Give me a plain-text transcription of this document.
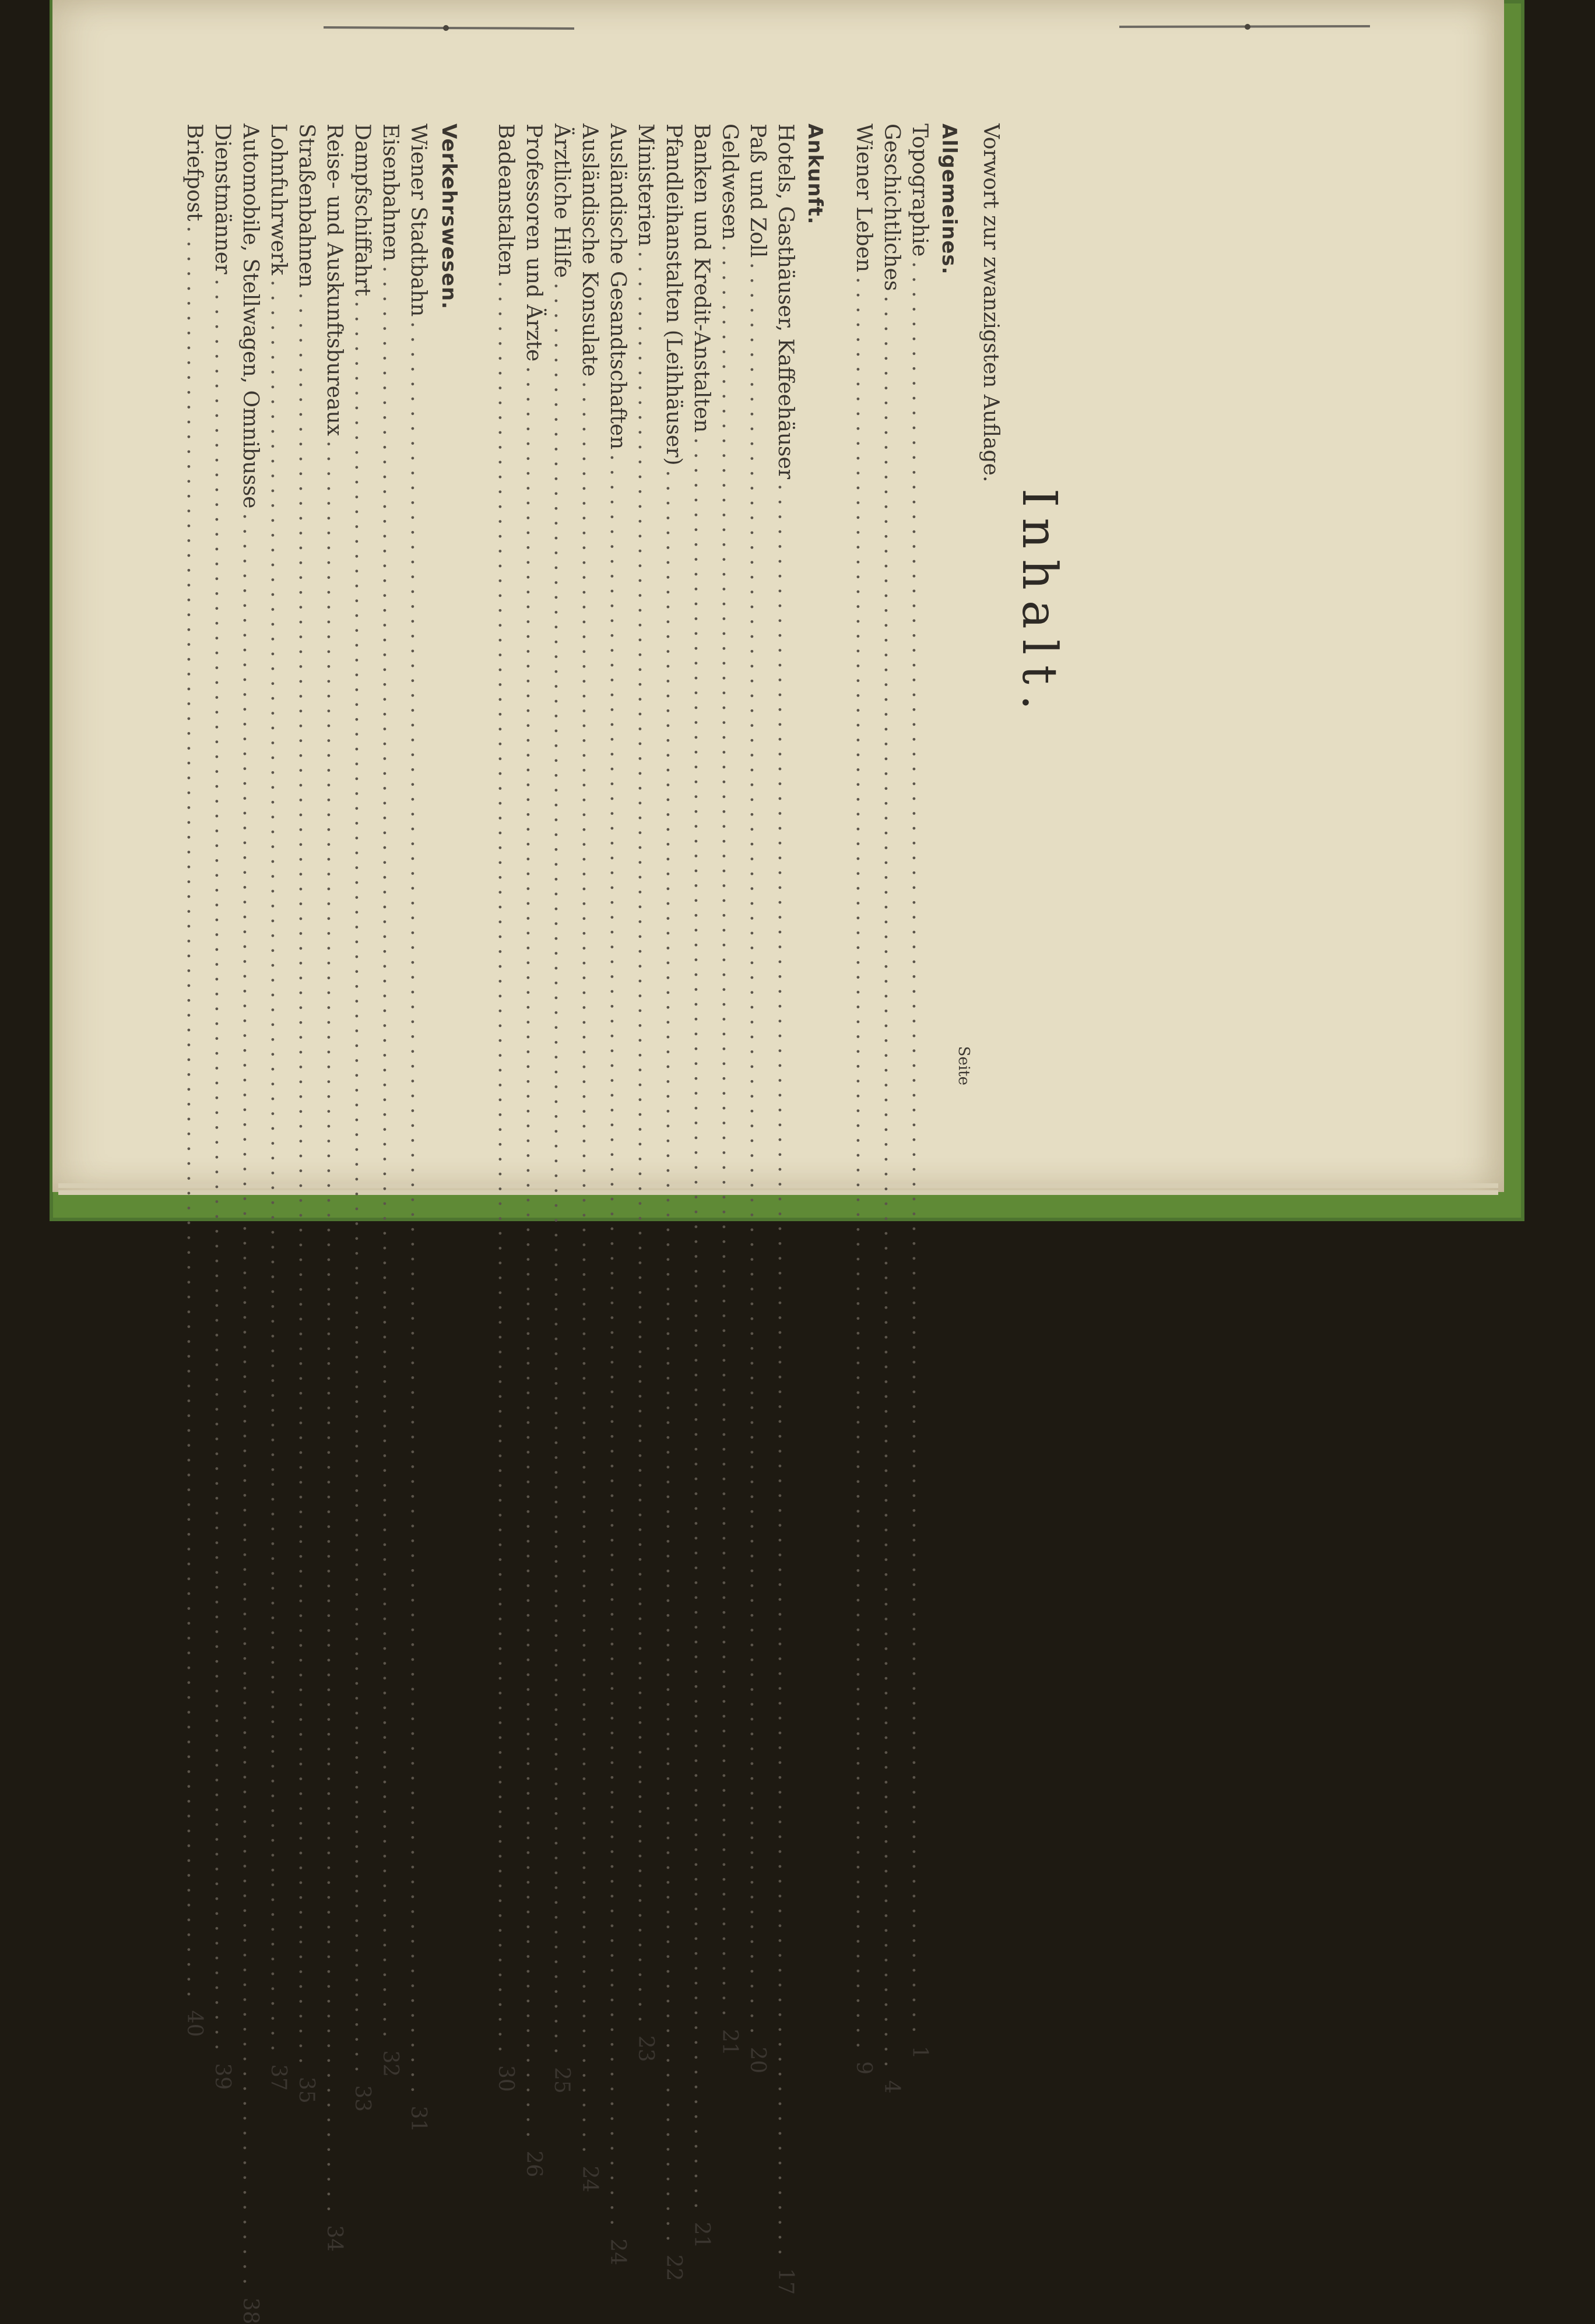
Inhalt.
Seite
Vorwort zur zwanzigsten Auflage.
Allgemeines.
Topographie
........................................................................................................................
1
Geschichtliches
........................................................................................................................
4
Wiener Leben
........................................................................................................................
9
Ankunft.
Hotels, Gasthäuser, Kaffeehäuser
........................................................................................................................
17
Paß und Zoll
........................................................................................................................
20
Geldwesen
........................................................................................................................
21
Banken und Kredit-Anstalten
........................................................................................................................
21
Pfandleihanstalten (Leihhäuser)
........................................................................................................................
22
Ministerien
........................................................................................................................
23
Ausländische Gesandtschaften
........................................................................................................................
24
Ausländische Konsulate
........................................................................................................................
24
Ärztliche Hilfe
........................................................................................................................
25
Professoren und Ärzte
........................................................................................................................
26
Badeanstalten
........................................................................................................................
30
Verkehrswesen.
Wiener Stadtbahn
........................................................................................................................
31
Eisenbahnen
........................................................................................................................
32
Dampfschiffahrt
........................................................................................................................
33
Reise- und Auskunftsbureaux
........................................................................................................................
34
Straßenbahnen
........................................................................................................................
35
Lohnfuhrwerk
........................................................................................................................
37
Automobile, Stellwagen, Omnibusse
........................................................................................................................
38
Dienstmänner
........................................................................................................................
39
Briefpost
........................................................................................................................
40
